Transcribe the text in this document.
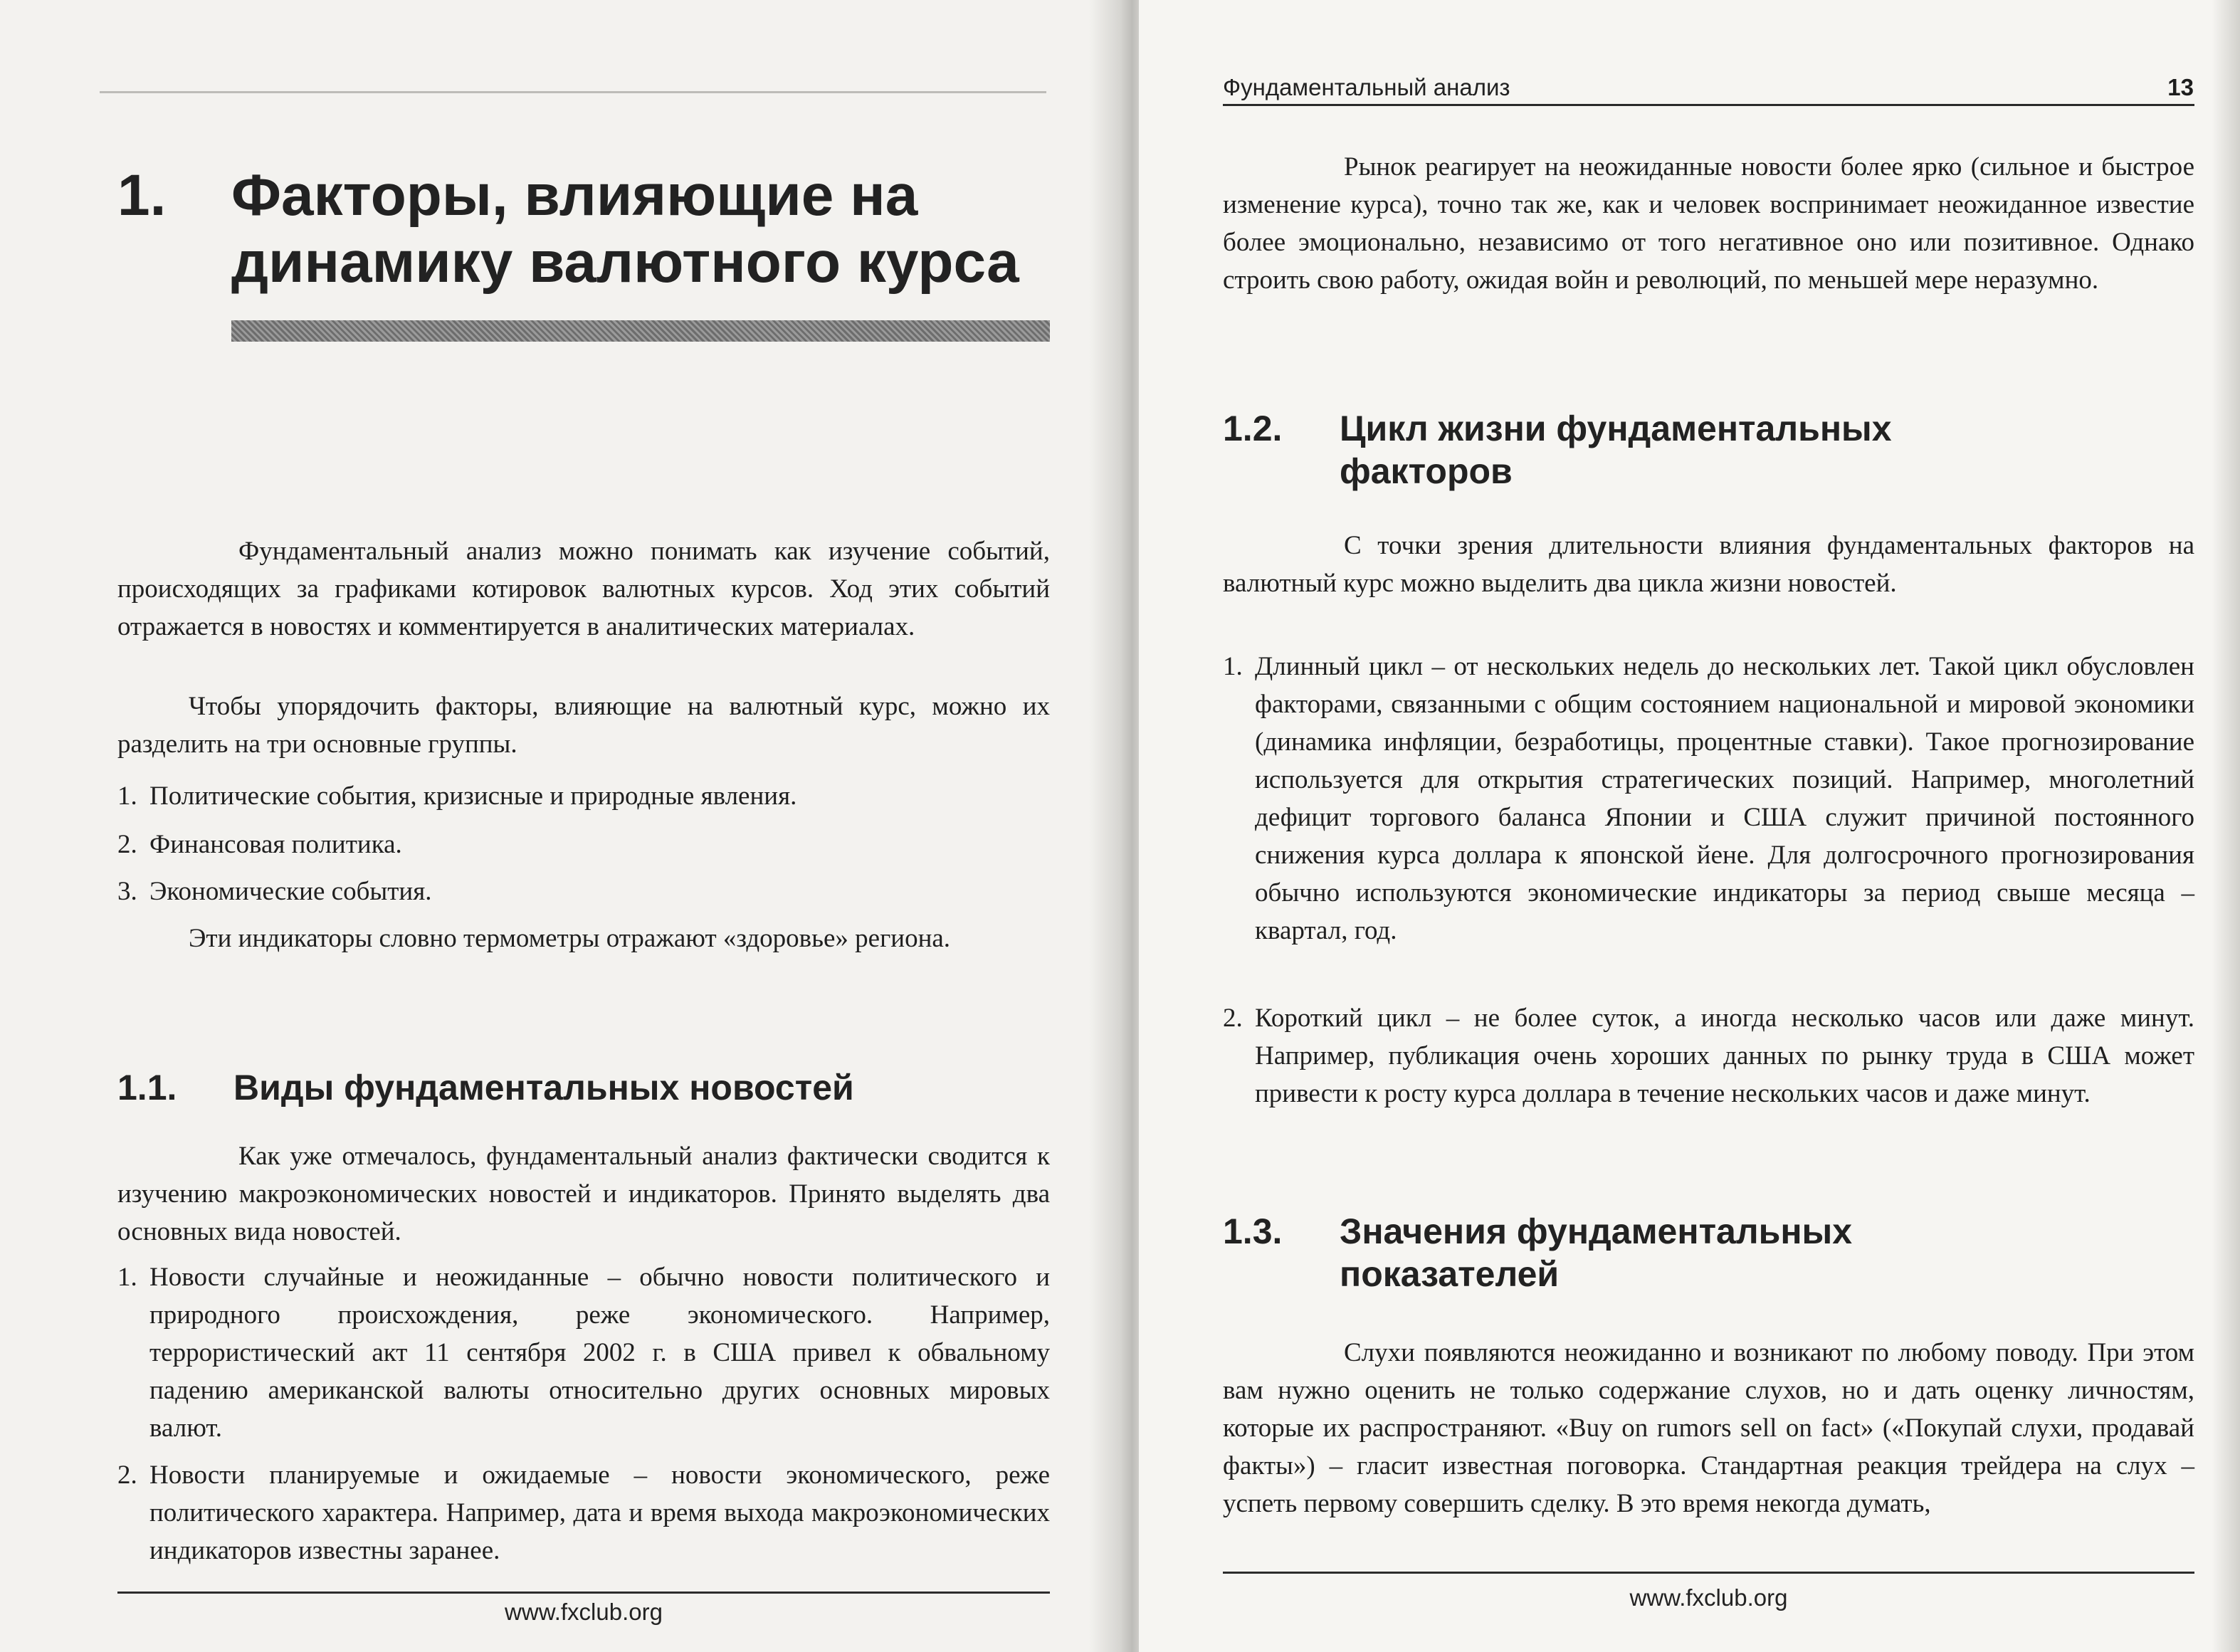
1. Факторы, влияющие на
динамику валютного курса
Фундаментальный анализ можно понимать как изучение событий, происходящих за графиками котировок валютных курсов. Ход этих событий отражается в новостях и комментируется в аналитических материалах.
Чтобы упорядочить факторы, влияющие на валютный курс, можно их разделить на три основные группы.
1. Политические события, кризисные и природные явления.
2. Финансовая политика.
3. Экономические события.
Эти индикаторы словно термометры отражают «здоровье» региона.
1.1. Виды фундаментальных новостей
Как уже отмечалось, фундаментальный анализ фактически сводится к изучению макроэкономических новостей и индикаторов. Принято выделять два основных вида новостей.
1. Новости случайные и неожиданные – обычно новости политического и природного происхождения, реже экономического. Например, террористический акт 11 сентября 2002 г. в США привел к обвальному падению американской валюты относительно других основных мировых валют.
2. Новости планируемые и ожидаемые – новости экономического, реже политического характера. Например, дата и время выхода макроэкономических индикаторов известны заранее.
www.fxclub.org
Фундаментальный анализ	13
Рынок реагирует на неожиданные новости более ярко (сильное и быстрое изменение курса), точно так же, как и человек воспринимает неожиданное известие более эмоционально, независимо от того негативное оно или позитивное. Однако строить свою работу, ожидая войн и революций, по меньшей мере неразумно.
1.2. Цикл жизни фундаментальных
факторов
С точки зрения длительности влияния фундаментальных факторов на валютный курс можно выделить два цикла жизни новостей.
1. Длинный цикл – от нескольких недель до нескольких лет. Такой цикл обусловлен факторами, связанными с общим состоянием национальной и мировой экономики (динамика инфляции, безработицы, процентные ставки). Такое прогнозирование используется для открытия стратегических позиций. Например, многолетний дефицит торгового баланса Японии и США служит причиной постоянного снижения курса доллара к японской йене. Для долгосрочного прогнозирования обычно используются экономические индикаторы за период свыше месяца – квартал, год.
2. Короткий цикл – не более суток, а иногда несколько часов или даже минут. Например, публикация очень хороших данных по рынку труда в США может привести к росту курса доллара в течение нескольких часов и даже минут.
1.3. Значения фундаментальных
показателей
Слухи появляются неожиданно и возникают по любому поводу. При этом вам нужно оценить не только содержание слухов, но и дать оценку личностям, которые их распространяют. «Buy on rumors sell on fact» («Покупай слухи, продавай факты») – гласит известная поговорка. Стандартная реакция трейдера на слух – успеть первому совершить сделку. В это время некогда думать,
www.fxclub.org
